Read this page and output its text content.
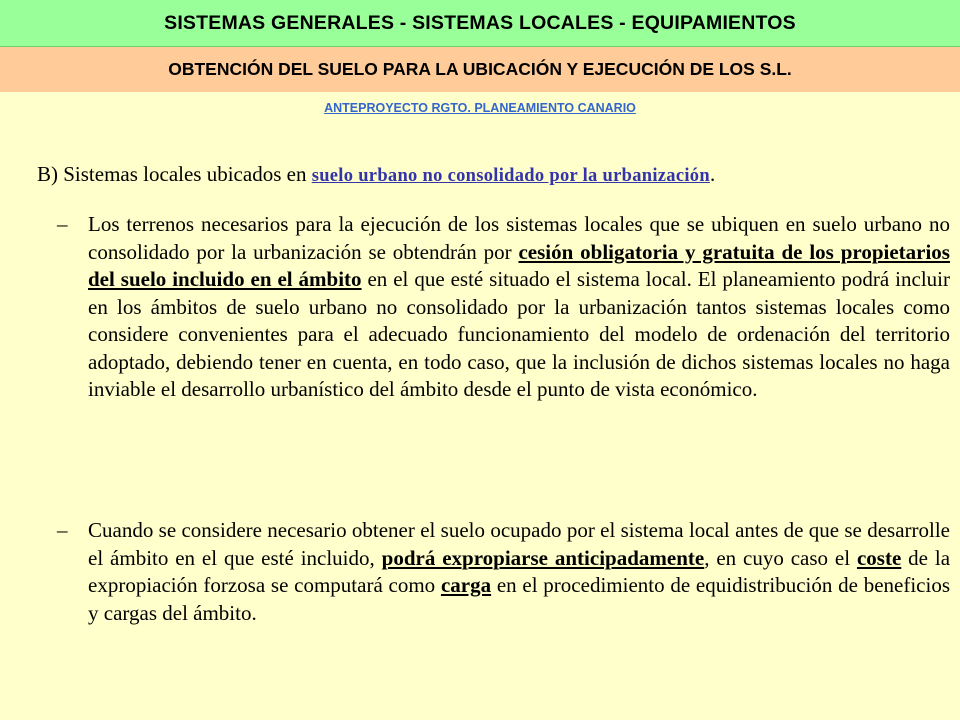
SISTEMAS GENERALES - SISTEMAS LOCALES - EQUIPAMIENTOS
OBTENCIÓN DEL SUELO PARA LA UBICACIÓN Y EJECUCIÓN DE LOS S.L.
ANTEPROYECTO RGTO. PLANEAMIENTO CANARIO
B) Sistemas locales ubicados en suelo urbano no consolidado por la urbanización.
– Los terrenos necesarios para la ejecución de los sistemas locales que se ubiquen en suelo urbano no consolidado por la urbanización se obtendrán por cesión obligatoria y gratuita de los propietarios del suelo incluido en el ámbito en el que esté situado el sistema local. El planeamiento podrá incluir en los ámbitos de suelo urbano no consolidado por la urbanización tantos sistemas locales como considere convenientes para el adecuado funcionamiento del modelo de ordenación del territorio adoptado, debiendo tener en cuenta, en todo caso, que la inclusión de dichos sistemas locales no haga inviable el desarrollo urbanístico del ámbito desde el punto de vista económico.
– Cuando se considere necesario obtener el suelo ocupado por el sistema local antes de que se desarrolle el ámbito en el que esté incluido, podrá expropiarse anticipadamente, en cuyo caso el coste de la expropiación forzosa se computará como carga en el procedimiento de equidistribución de beneficios y cargas del ámbito.
